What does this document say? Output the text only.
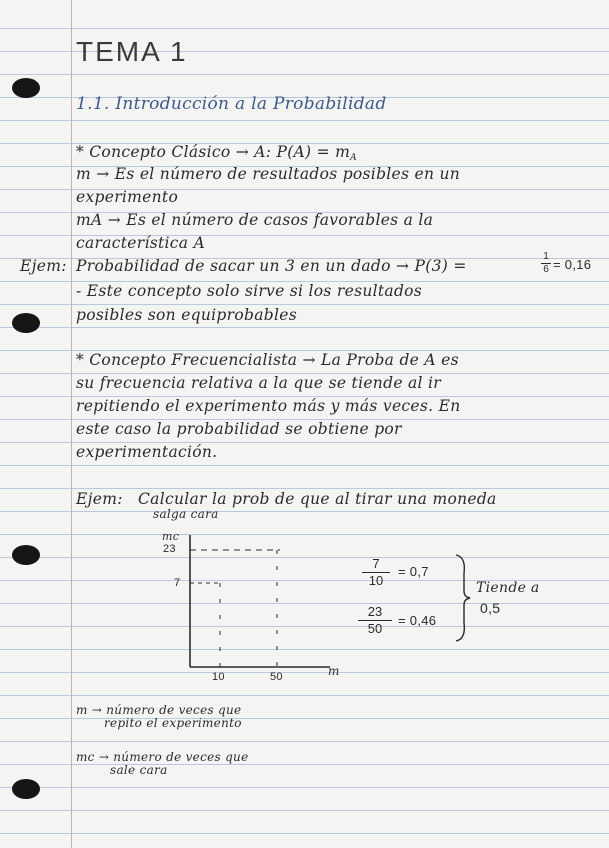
TEMA 1
1.1. Introducción a la Probabilidad
* Concepto Clásico → A: P(A) = mA
m → Es el número de resultados posibles en un
experimento
mA → Es el número de casos favorables a la
característica A
Ejem: Probabilidad de sacar un 3 en un dado → P(3) =
1
6 = 0,16
- Este concepto solo sirve si los resultados
posibles son equiprobables
* Concepto Frecuencialista → La Proba de A es
su frecuencia relativa a la que se tiende al ir
repitiendo el experimento más y más veces. En
este caso la probabilidad se obtiene por
experimentación.
Ejem: Calcular la prob de que al tirar una moneda
salga cara
mc
23
7
10	50	m
7
10
= 0,7
23
50
= 0,46
Tiende a
0,5
m → número de veces que
repito el experimento
mc → número de veces que
sale cara
